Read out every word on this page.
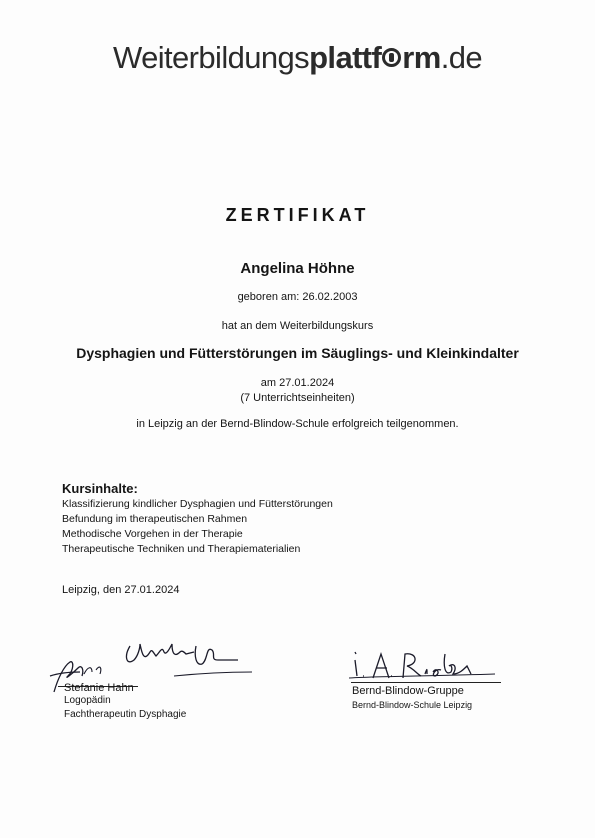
Weiterbildungsplattf rm.de
ZERTIFIKAT
Angelina Höhne
geboren am: 26.02.2003
hat an dem Weiterbildungskurs
Dysphagien und Fütterstörungen im Säuglings- und Kleinkindalter
am 27.01.2024
(7 Unterrichtseinheiten)
in Leipzig an der Bernd-Blindow-Schule erfolgreich teilgenommen.
Kursinhalte:
Klassifizierung kindlicher Dysphagien und Fütterstörungen
Befundung im therapeutischen Rahmen
Methodische Vorgehen in der Therapie
Therapeutische Techniken und Therapiematerialien
Leipzig, den 27.01.2024
Stefanie Hahn
Logopädin
Fachtherapeutin Dysphagie
Bernd-Blindow-Gruppe
Bernd-Blindow-Schule Leipzig
